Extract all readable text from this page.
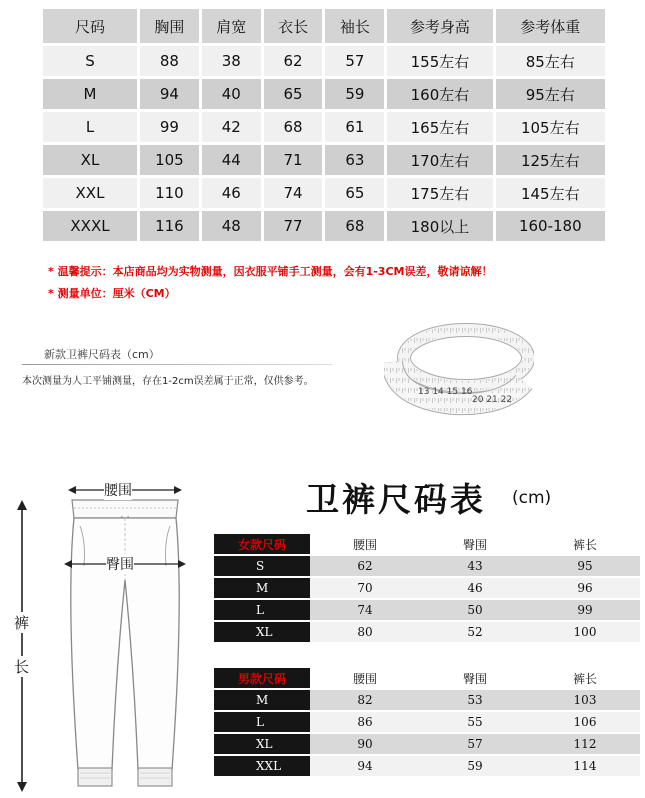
尺码	胸围	肩宽	衣长	袖长	参考身高	参考体重
S	88	38	62	57	155左右	85左右
M	94	40	65	59	160左右	95左右
L	99	42	68	61	165左右	105左右
XL	105	44	71	63	170左右	125左右
XXL	110	46	74	65	175左右	145左右
XXXL	116	48	77	68	180以上	160-180
* 温馨提示：本店商品均为实物测量，因衣服平铺手工测量，会有1-3CM误差，敬请谅解！
* 测量单位：厘米（CM）
新款卫裤尺码表（cm）
本次测量为人工平铺测量，存在1-2cm误差属于正常，仅供参考。
13 14 15 16
20 21 22
腰围
臀围
裤
长
卫裤尺码表 (cm)
女款尺码	腰围	臀围	裤长
S	62	43	95
M	70	46	96
L	74	50	99
XL	80	52	100
男款尺码	腰围	臀围	裤长
M	82	53	103
L	86	55	106
XL	90	57	112
XXL	94	59	114
